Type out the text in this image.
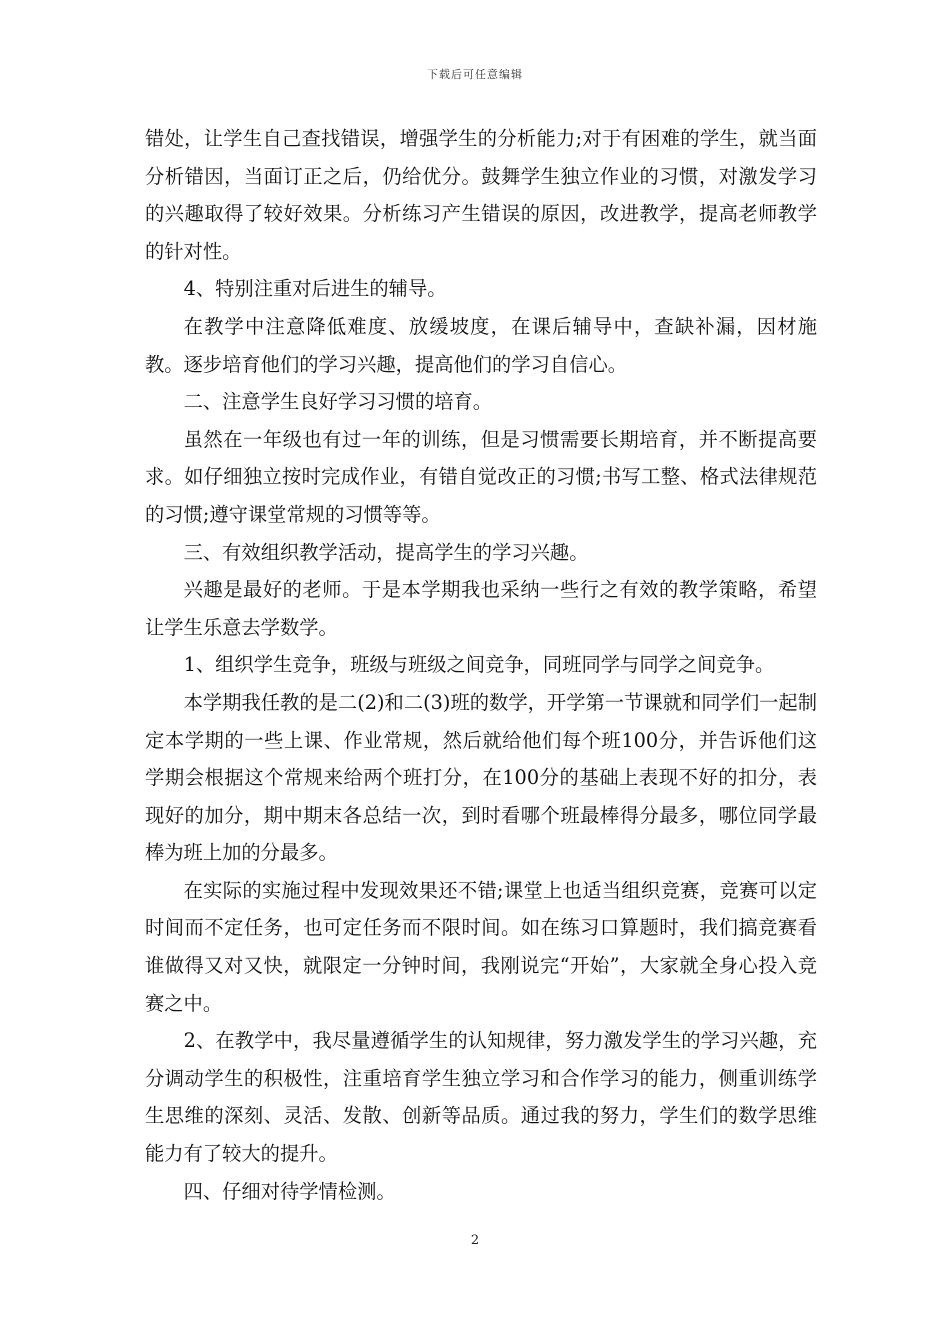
下载后可任意编辑

错处，让学生自己查找错误，增强学生的分析能力;对于有困难的学生，就当面分析错因，当面订正之后，仍给优分。鼓舞学生独立作业的习惯，对激发学习的兴趣取得了较好效果。分析练习产生错误的原因，改进教学，提高老师教学的针对性。

4、特别注重对后进生的辅导。

在教学中注意降低难度、放缓坡度，在课后辅导中，查缺补漏，因材施教。逐步培育他们的学习兴趣，提高他们的学习自信心。

二、注意学生良好学习习惯的培育。

虽然在一年级也有过一年的训练，但是习惯需要长期培育，并不断提高要求。如仔细独立按时完成作业，有错自觉改正的习惯;书写工整、格式法律规范的习惯;遵守课堂常规的习惯等等。

三、有效组织教学活动，提高学生的学习兴趣。

兴趣是最好的老师。于是本学期我也采纳一些行之有效的教学策略，希望让学生乐意去学数学。

1、组织学生竞争，班级与班级之间竞争，同班同学与同学之间竞争。

本学期我任教的是二(2)和二(3)班的数学，开学第一节课就和同学们一起制定本学期的一些上课、作业常规，然后就给他们每个班100分，并告诉他们这学期会根据这个常规来给两个班打分，在100分的基础上表现不好的扣分，表现好的加分，期中期末各总结一次，到时看哪个班最棒得分最多，哪位同学最棒为班上加的分最多。

在实际的实施过程中发现效果还不错;课堂上也适当组织竞赛，竞赛可以定时间而不定任务，也可定任务而不限时间。如在练习口算题时，我们搞竞赛看谁做得又对又快，就限定一分钟时间，我刚说完“开始”，大家就全身心投入竞赛之中。

2、在教学中，我尽量遵循学生的认知规律，努力激发学生的学习兴趣，充分调动学生的积极性，注重培育学生独立学习和合作学习的能力，侧重训练学生思维的深刻、灵活、发散、创新等品质。通过我的努力，学生们的数学思维能力有了较大的提升。

四、仔细对待学情检测。

2
